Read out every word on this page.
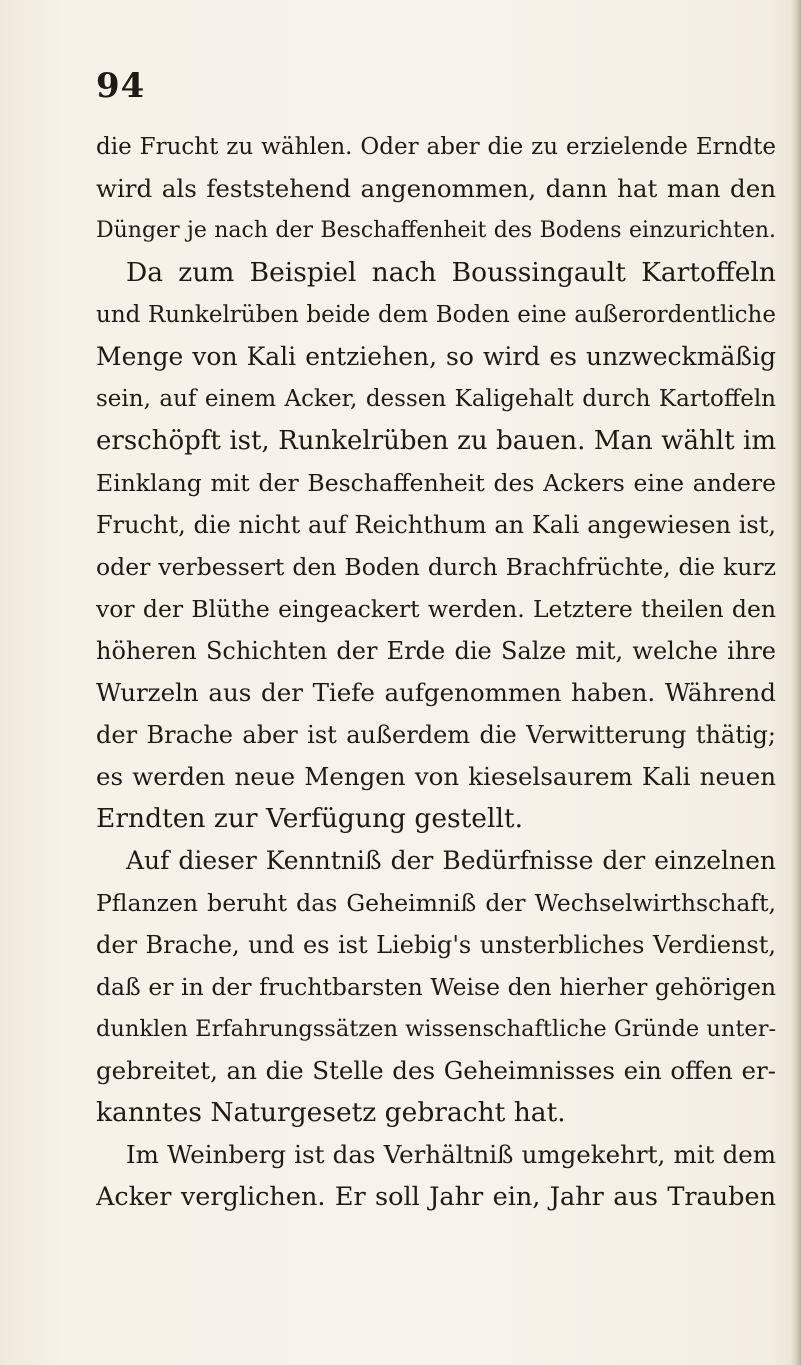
94
die Frucht zu wählen. Oder aber die zu erzielende Erndte
wird als feststehend angenommen, dann hat man den
Dünger je nach der Beschaffenheit des Bodens einzurichten.
Da zum Beispiel nach Boussingault Kartoffeln
und Runkelrüben beide dem Boden eine außerordentliche
Menge von Kali entziehen, so wird es unzweckmäßig
sein, auf einem Acker, dessen Kaligehalt durch Kartoffeln
erschöpft ist, Runkelrüben zu bauen. Man wählt im
Einklang mit der Beschaffenheit des Ackers eine andere
Frucht, die nicht auf Reichthum an Kali angewiesen ist,
oder verbessert den Boden durch Brachfrüchte, die kurz
vor der Blüthe eingeackert werden. Letztere theilen den
höheren Schichten der Erde die Salze mit, welche ihre
Wurzeln aus der Tiefe aufgenommen haben. Während
der Brache aber ist außerdem die Verwitterung thätig;
es werden neue Mengen von kieselsaurem Kali neuen
Erndten zur Verfügung gestellt.
Auf dieser Kenntniß der Bedürfnisse der einzelnen
Pflanzen beruht das Geheimniß der Wechselwirthschaft,
der Brache, und es ist Liebig's unsterbliches Verdienst,
daß er in der fruchtbarsten Weise den hierher gehörigen
dunklen Erfahrungssätzen wissenschaftliche Gründe unter-
gebreitet, an die Stelle des Geheimnisses ein offen er-
kanntes Naturgesetz gebracht hat.
Im Weinberg ist das Verhältniß umgekehrt, mit dem
Acker verglichen. Er soll Jahr ein, Jahr aus Trauben
